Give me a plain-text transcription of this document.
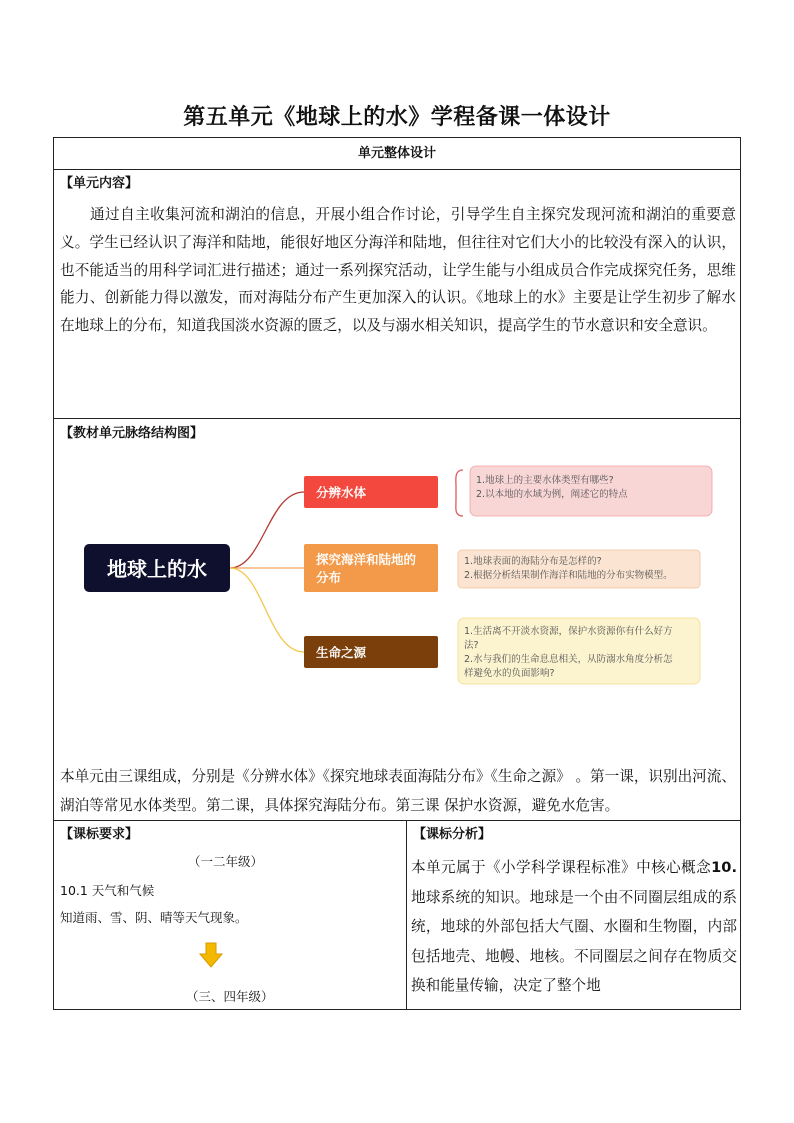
第五单元《地球上的水》学程备课一体设计
单元整体设计
【单元内容】

通过自主收集河流和湖泊的信息，开展小组合作讨论，引导学生自主探究发现河流和湖泊的重要意义。学生已经认识了海洋和陆地，能很好地区分海洋和陆地，但往往对它们大小的比较没有深入的认识，也不能适当的用科学词汇进行描述；通过一系列探究活动，让学生能与小组成员合作完成探究任务，思维能力、创新能力得以激发，而对海陆分布产生更加深入的认识。《地球上的水》主要是让学生初步了解水在地球上的分布，知道我国淡水资源的匮乏，以及与溺水相关知识，提高学生的节水意识和安全意识。

【教材单元脉络结构图】
地球上的水
分辨水体
1.地球上的主要水体类型有哪些?
2.以本地的水域为例，阐述它的特点
探究海洋和陆地的
分布
1.地球表面的海陆分布是怎样的?
2.根据分析结果制作海洋和陆地的分布实物模型。
生命之源
1.生活离不开淡水资源，保护水资源你有什么好方
法?
2.水与我们的生命息息相关，从防溺水角度分析怎
样避免水的负面影响?

本单元由三课组成，分别是《分辨水体》《探究地球表面海陆分布》《生命之源》 。第一课，识别出河流、湖泊等常见水体类型。第二课，具体探究海陆分布。第三课 保护水资源，避免水危害。

【课标要求】
（一二年级）
10.1 天气和气候
知道雨、雪、阴、晴等天气现象。
（三、四年级）
【课标分析】

本单元属于《小学科学课程标准》中核心概念10.地球系统的知识。地球是一个由不同圈层组成的系统，地球的外部包括大气圈、水圈和生物圈，内部包括地壳、地幔、地核。不同圈层之间存在物质交换和能量传输，决定了整个地
